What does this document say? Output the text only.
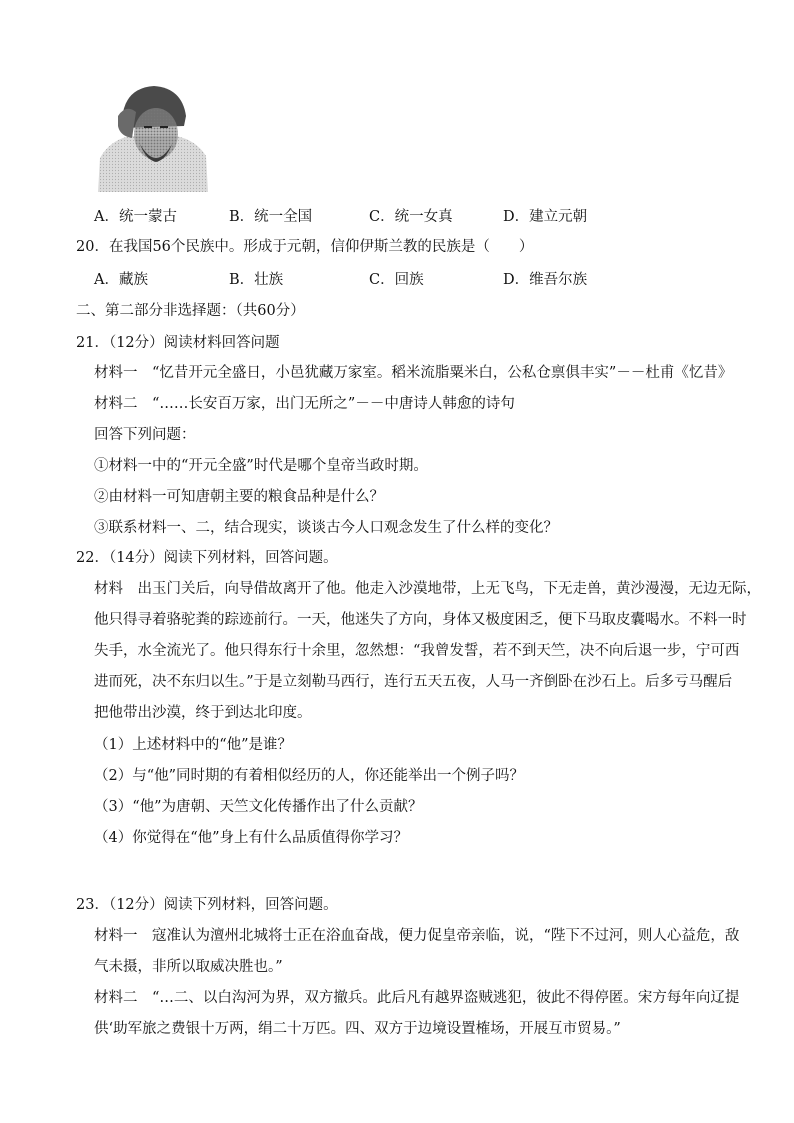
A．统一蒙古	B．统一全国	C．统一女真	D．建立元朝
20．在我国56个民族中。形成于元朝，信仰伊斯兰教的民族是（　　）
A．藏族	B．壮族	C．回族	D．维吾尔族
二、第二部分非选择题：（共60分）
21．（12分）阅读材料回答问题
材料一　“忆昔开元全盛日，小邑犹藏万家室。稻米流脂粟米白，公私仓禀俱丰实”－－杜甫《忆昔》
材料二　“……长安百万家，出门无所之”－－中唐诗人韩愈的诗句
回答下列问题：
①材料一中的“开元全盛”时代是哪个皇帝当政时期。
②由材料一可知唐朝主要的粮食品种是什么？
③联系材料一、二，结合现实，谈谈古今人口观念发生了什么样的变化？
22．（14分）阅读下列材料，回答问题。
材料　出玉门关后，向导借故离开了他。他走入沙漠地带，上无飞鸟，下无走兽，黄沙漫漫，无边无际，
他只得寻着骆驼粪的踪迹前行。一天，他迷失了方向，身体又极度困乏，便下马取皮囊喝水。不料一时
失手，水全流光了。他只得东行十余里，忽然想：“我曾发誓，若不到天竺，决不向后退一步，宁可西
进而死，决不东归以生。”于是立刻勒马西行，连行五天五夜，人马一齐倒卧在沙石上。后多亏马醒后
把他带出沙漠，终于到达北印度。
（1）上述材料中的“他”是谁？
（2）与“他”同时期的有着相似经历的人，你还能举出一个例子吗？
（3）“他”为唐朝、天竺文化传播作出了什么贡献？
（4）你觉得在“他”身上有什么品质值得你学习？
23．（12分）阅读下列材料，回答问题。
材料一　寇准认为澶州北城将士正在浴血奋战，便力促皇帝亲临，说，“陛下不过河，则人心益危，敌
气未摄，非所以取威决胜也。”
材料二　“…二、以白沟河为界，双方撤兵。此后凡有越界盗贼逃犯，彼此不得停匿。宋方每年向辽提
供‘助军旅之费银十万两，绢二十万匹。四、双方于边境设置榷场，开展互市贸易。”
